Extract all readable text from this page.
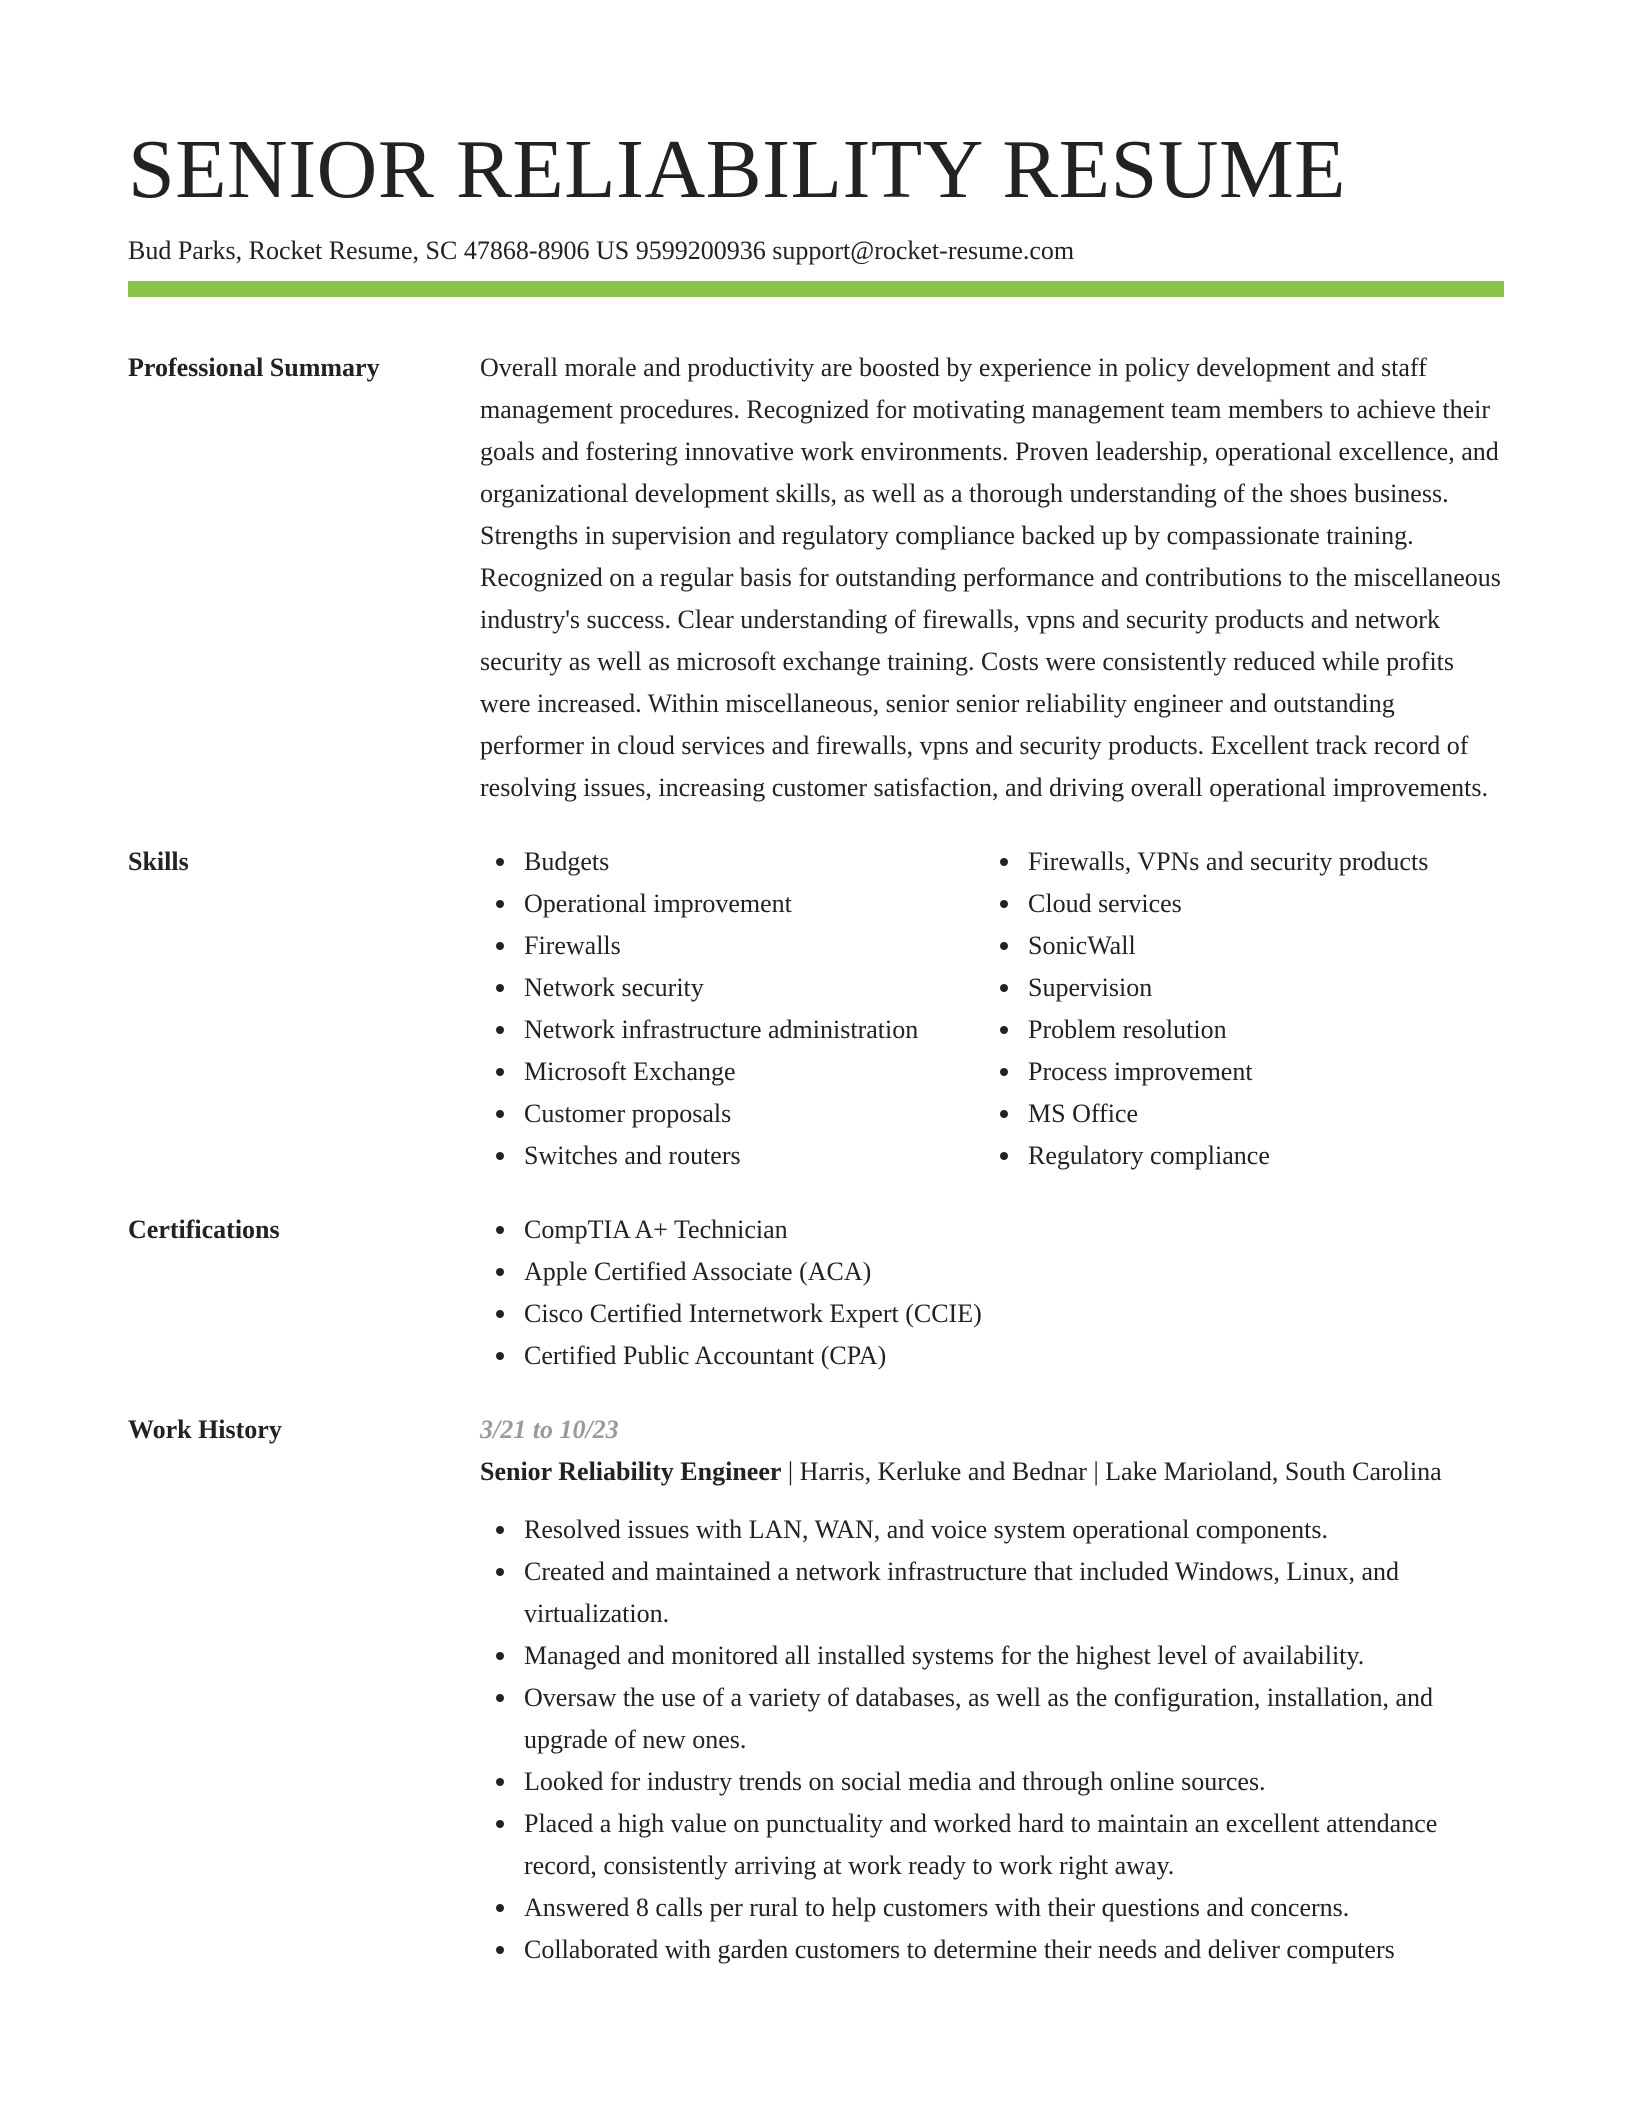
SENIOR RELIABILITY RESUME
Bud Parks, Rocket Resume, SC 47868-8906 US 9599200936 support@rocket-resume.com
Professional Summary	Overall morale and productivity are boosted by experience in policy development and staff management procedures. Recognized for motivating management team members to achieve their goals and fostering innovative work environments. Proven leadership, operational excellence, and organizational development skills, as well as a thorough understanding of the shoes business. Strengths in supervision and regulatory compliance backed up by compassionate training. Recognized on a regular basis for outstanding performance and contributions to the miscellaneous industry's success. Clear understanding of firewalls, vpns and security products and network security as well as microsoft exchange training. Costs were consistently reduced while profits were increased. Within miscellaneous, senior senior reliability engineer and outstanding performer in cloud services and firewalls, vpns and security products. Excellent track record of resolving issues, increasing customer satisfaction, and driving overall operational improvements.
Skills	Budgets
Operational improvement
Firewalls
Network security
Network infrastructure administration
Microsoft Exchange
Customer proposals
Switches and routers
Firewalls, VPNs and security products
Cloud services
SonicWall
Supervision
Problem resolution
Process improvement
MS Office
Regulatory compliance
Certifications	CompTIA A+ Technician
Apple Certified Associate (ACA)
Cisco Certified Internetwork Expert (CCIE)
Certified Public Accountant (CPA)
Work History	3/21 to 10/23
Senior Reliability Engineer | Harris, Kerluke and Bednar | Lake Marioland, South Carolina
Resolved issues with LAN, WAN, and voice system operational components.
Created and maintained a network infrastructure that included Windows, Linux, and virtualization.
Managed and monitored all installed systems for the highest level of availability.
Oversaw the use of a variety of databases, as well as the configuration, installation, and upgrade of new ones.
Looked for industry trends on social media and through online sources.
Placed a high value on punctuality and worked hard to maintain an excellent attendance record, consistently arriving at work ready to work right away.
Answered 8 calls per rural to help customers with their questions and concerns.
Collaborated with garden customers to determine their needs and deliver computers
